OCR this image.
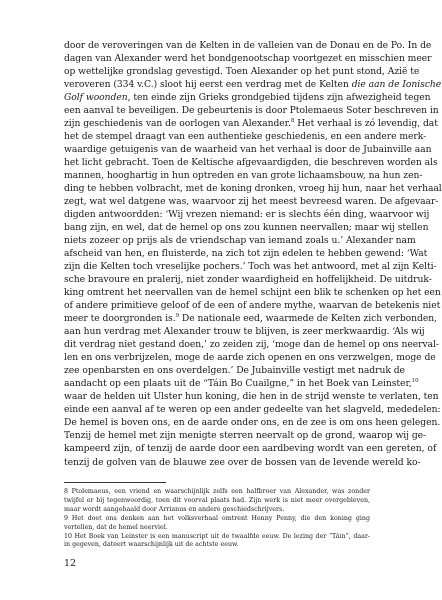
door de veroveringen van de Kelten in de valleien van de Donau en de Po. In de
dagen van Alexander werd het bondgenootschap voortgezet en misschien meer
op wettelijke grondslag gevestigd. Toen Alexander op het punt stond, Azië te
veroveren (334 v.C.) sloot hij eerst een verdrag met de Kelten die aan de Ionische
Golf woonden, ten einde zijn Grieks grondgebied tijdens zijn afwezigheid tegen
een aanval te beveiligen. De gebeurtenis is door Ptolemaeus Soter beschreven in
zijn geschiedenis van de oorlogen van Alexander.$^8$ Het verhaal is zó levendig, dat
het de stempel draagt van een authentieke geschiedenis, en een andere merk-
waardige getuigenis van de waarheid van het verhaal is door de Jubainville aan
het licht gebracht. Toen de Keltische afgevaardigden, die beschreven worden als
mannen, hooghartig in hun optreden en van grote lichaamsbouw, na hun zen-
ding te hebben volbracht, met de koning dronken, vroeg hij hun, naar het verhaal
zegt, wat wel datgene was, waarvoor zij het meest bevreesd waren. De afgevaar-
digden antwoordden: ‘Wij vrezen niemand: er is slechts één ding, waarvoor wij
bang zijn, en wel, dat de hemel op ons zou kunnen neervallen; maar wij stellen
niets zozeer op prijs als de vriendschap van iemand zoals u.’ Alexander nam
afscheid van hen, en fluisterde, na zich tot zijn edelen te hebben gewend: ‘Wat
zijn die Kelten toch vreselijke pochers.’ Toch was het antwoord, met al zijn Kelti-
sche bravoure en pralerij, niet zonder waardigheid en hoffelijkheid. De uitdruk-
king omtrent het neervallen van de hemel schijnt een blik te schenken op het een
of andere primitieve geloof of de een of andere mythe, waarvan de betekenis niet
meer te doorgronden is.$^9$ De nationale eed, waarmede de Kelten zich verbonden,
aan hun verdrag met Alexander trouw te blijven, is zeer merkwaardig. ‘Als wij
dit verdrag niet gestand doen,’ zo zeiden zij, ‘moge dan de hemel op ons neerval-
len en ons verbrijzelen, moge de aarde zich openen en ons verzwelgen, moge de
zee openbarsten en ons overdelgen.’ De Jubainville vestigt met nadruk de
aandacht op een plaats uit de “Táin Bo Cuailgne,” in het Boek van Leinster,$^{10}$
waar de helden uit Ulster hun koning, die hen in de strijd wenste te verlaten, ten
einde een aanval af te weren op een ander gedeelte van het slagveld, mededelen:
De hemel is boven ons, en de aarde onder ons, en de zee is om ons heen gelegen.
Tenzij de hemel met zijn menigte sterren neervalt op de grond, waarop wij ge-
kampeerd zijn, of tenzij de aarde door een aardbeving wordt van een gereten, of
tenzij de golven van de blauwe zee over de bossen van de levende wereld ko-
8 Ptolemaeus, een vriend en waarschijnlijk zelfs een halfbroer van Alexander, was zonder
twijfel er bij tegenwoordig, toen dit voorval plaats had. Zijn werk is niet meer overgebleven,
maar wordt aangehaald door Arrianus en andere geschiedschrijvers.
9 Het doet ons denken aan het volksverhaal omtrent Henny Penny, die den koning ging
vertellen, dat de hemel neerviel.
10 Het Boek van Leinster is een manuscript uit de twaalfde eeuw. De lezing der “Táin”, daar-
in gegeven, dateert waarschijnlijk uit de achtste eeuw.
12
